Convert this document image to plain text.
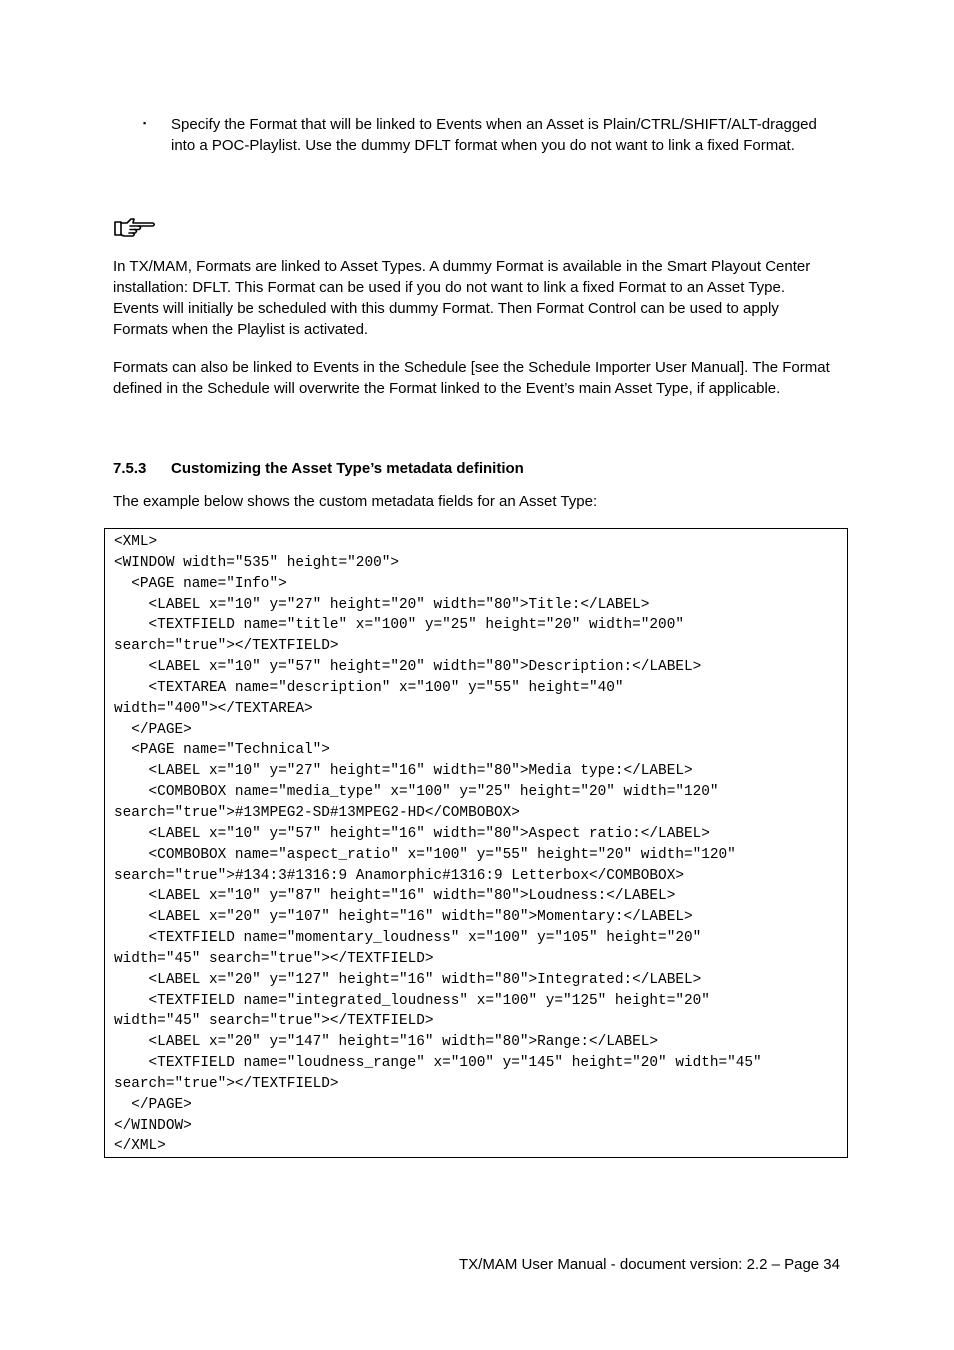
▪ Specify the Format that will be linked to Events when an Asset is Plain/CTRL/SHIFT/ALT-dragged into a POC-Playlist. Use the dummy DFLT format when you do not want to link a fixed Format.

In TX/MAM, Formats are linked to Asset Types. A dummy Format is available in the Smart Playout Center installation: DFLT. This Format can be used if you do not want to link a fixed Format to an Asset Type. Events will initially be scheduled with this dummy Format. Then Format Control can be used to apply Formats when the Playlist is activated.

Formats can also be linked to Events in the Schedule [see the Schedule Importer User Manual]. The Format defined in the Schedule will overwrite the Format linked to the Event’s main Asset Type, if applicable.

7.5.3 Customizing the Asset Type’s metadata definition
The example below shows the custom metadata fields for an Asset Type:
<XML>
<WINDOW width="535" height="200">
<PAGE name="Info">
<LABEL x="10" y="27" height="20" width="80">Title:</LABEL>
<TEXTFIELD name="title" x="100" y="25" height="20" width="200"
search="true"></TEXTFIELD>
<LABEL x="10" y="57" height="20" width="80">Description:</LABEL>
<TEXTAREA name="description" x="100" y="55" height="40"
width="400"></TEXTAREA>
</PAGE>
<PAGE name="Technical">
<LABEL x="10" y="27" height="16" width="80">Media type:</LABEL>
<COMBOBOX name="media_type" x="100" y="25" height="20" width="120"
search="true">#13MPEG2-SD#13MPEG2-HD</COMBOBOX>
<LABEL x="10" y="57" height="16" width="80">Aspect ratio:</LABEL>
<COMBOBOX name="aspect_ratio" x="100" y="55" height="20" width="120"
search="true">#134:3#1316:9 Anamorphic#1316:9 Letterbox</COMBOBOX>
<LABEL x="10" y="87" height="16" width="80">Loudness:</LABEL>
<LABEL x="20" y="107" height="16" width="80">Momentary:</LABEL>
<TEXTFIELD name="momentary_loudness" x="100" y="105" height="20"
width="45" search="true"></TEXTFIELD>
<LABEL x="20" y="127" height="16" width="80">Integrated:</LABEL>
<TEXTFIELD name="integrated_loudness" x="100" y="125" height="20"
width="45" search="true"></TEXTFIELD>
<LABEL x="20" y="147" height="16" width="80">Range:</LABEL>
<TEXTFIELD name="loudness_range" x="100" y="145" height="20" width="45"
search="true"></TEXTFIELD>
</PAGE>
</WINDOW>
</XML>
TX/MAM User Manual - document version: 2.2 – Page 34
